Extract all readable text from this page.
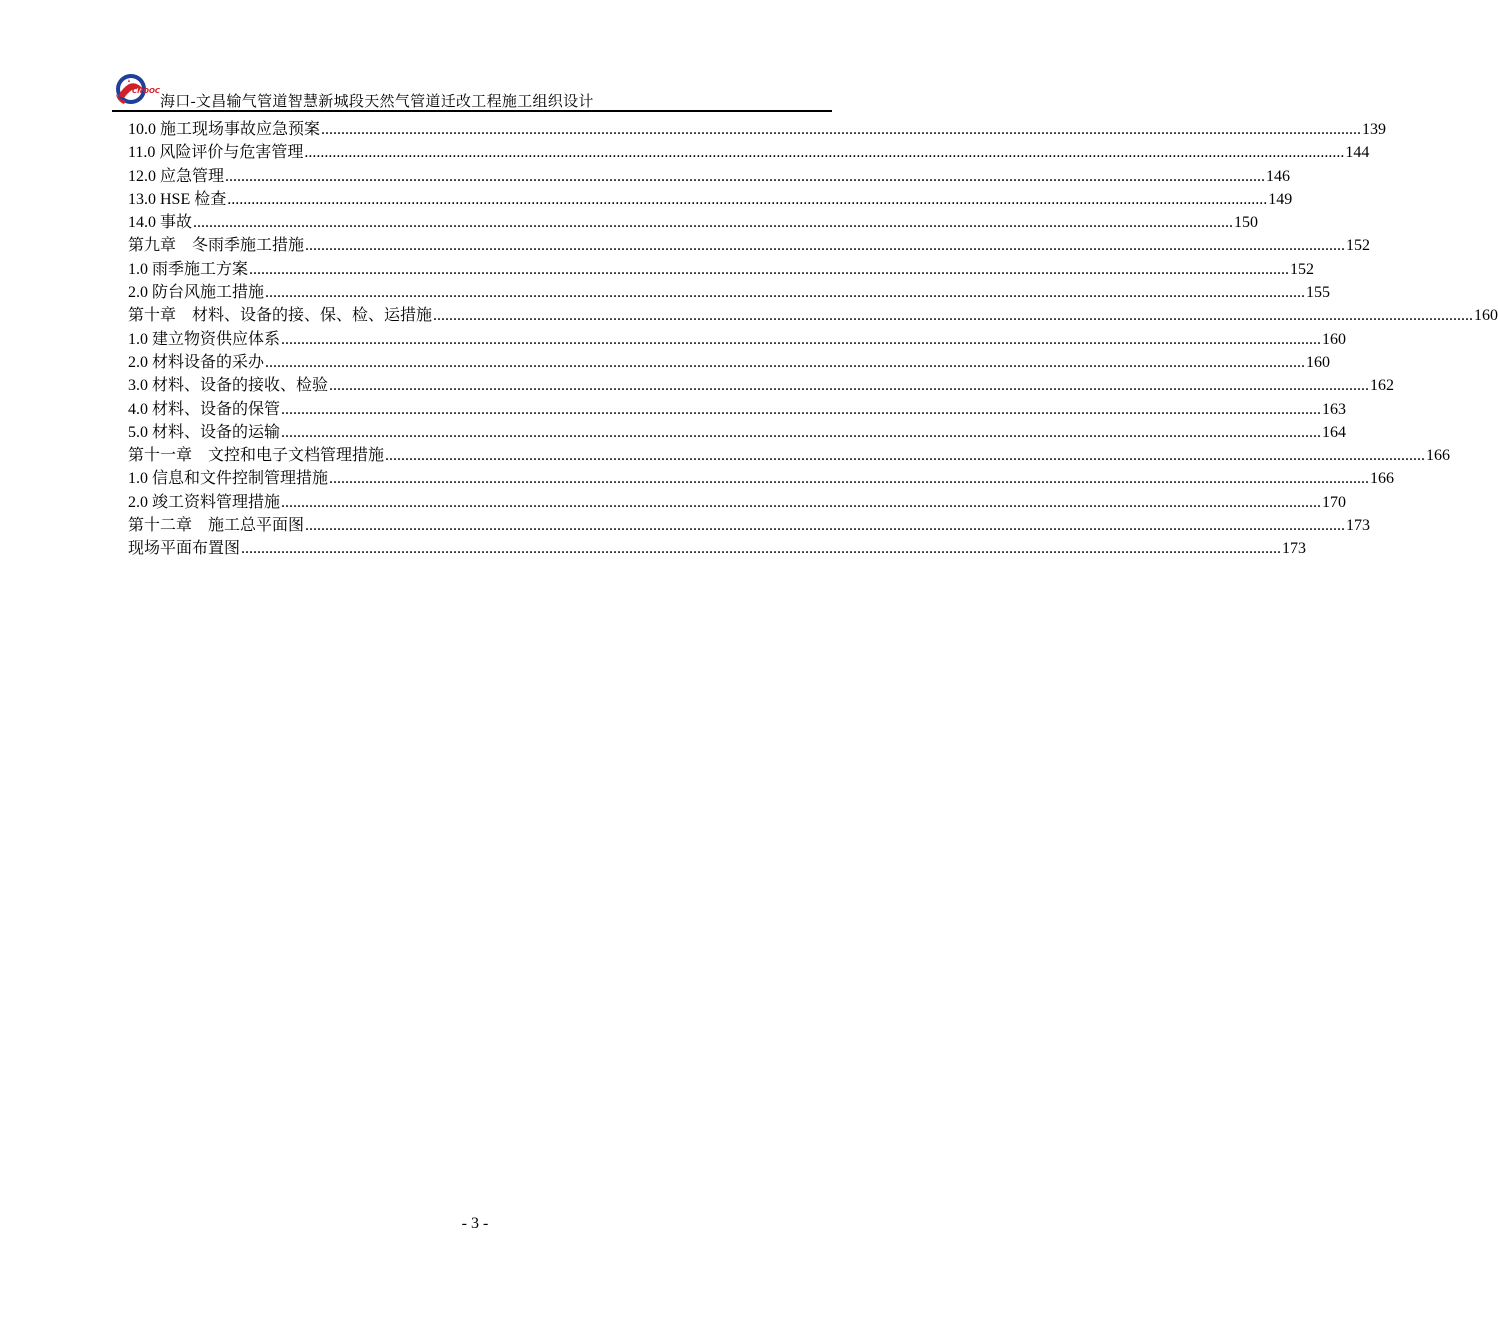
CNOOC
海口-文昌输气管道智慧新城段天然气管道迁改工程施工组织设计
10.0 施工现场事故应急预案 .....	139
11.0 风险评价与危害管理 .....	144
12.0 应急管理 .....	146
13.0 HSE 检查 .....	149
14.0 事故 .....	150
第九章　冬雨季施工措施 .....	152
1.0 雨季施工方案 .....	152
2.0 防台风施工措施 .....	155
第十章　材料、设备的接、保、检、运措施 .....	160
1.0 建立物资供应体系 .....	160
2.0 材料设备的采办 .....	160
3.0 材料、设备的接收、检验 .....	162
4.0 材料、设备的保管 .....	163
5.0 材料、设备的运输 .....	164
第十一章　文控和电子文档管理措施 .....	166
1.0 信息和文件控制管理措施 .....	166
2.0 竣工资料管理措施 .....	170
第十二章　施工总平面图 .....	173
现场平面布置图 .....	173
- 3 -
